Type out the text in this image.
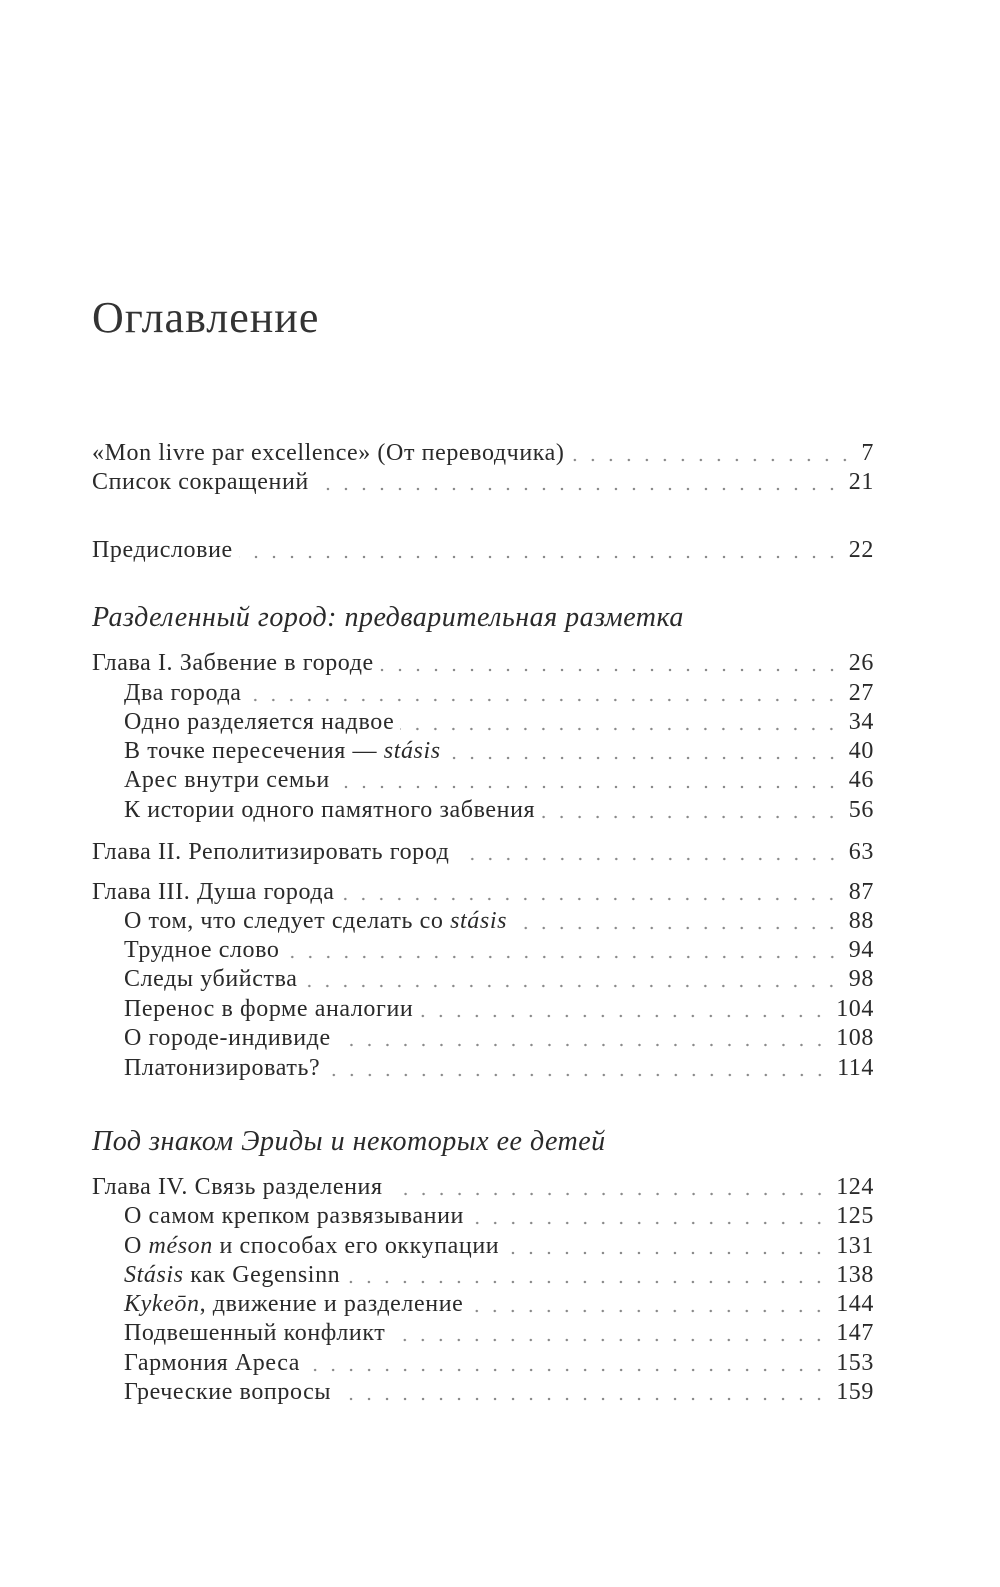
Оглавление
«Mon livre par excellence» (От переводчика)	7
Список сокращений	21
Предисловие	22
Разделенный город: предварительная разметка
Глава I. Забвение в городе	26
Два города	27
Одно разделяется надвое	34
В точке пересечения — stásis	40
Арес внутри семьи	46
К истории одного памятного забвения	56
Глава II. Реполитизировать город	63
Глава III. Душа города	87
О том, что следует сделать со stásis	88
Трудное слово	94
Следы убийства	98
Перенос в форме аналогии	104
О городе-индивиде	108
Платонизировать?	114
Под знаком Эриды и некоторых ее детей
Глава IV. Связь разделения	124
О самом крепком развязывании	125
О méson и способах его оккупации	131
Stásis как Gegensinn	138
Kykeōn, движение и разделение	144
Подвешенный конфликт	147
Гармония Ареса	153
Греческие вопросы	159
